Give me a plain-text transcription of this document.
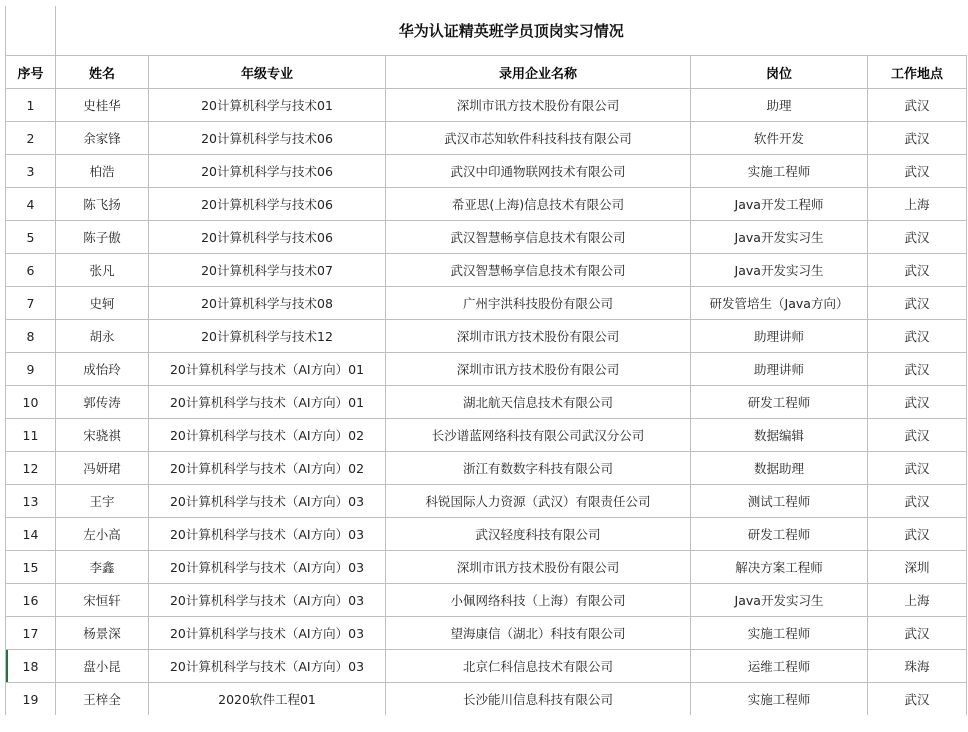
	华为认证精英班学员顶岗实习情况				
序号	姓名	年级专业	录用企业名称	岗位	工作地点
1	史桂华	20计算机科学与技术01	深圳市讯方技术股份有限公司	助理	武汉
2	余家锋	20计算机科学与技术06	武汉市芯知软件科技科技有限公司	软件开发	武汉
3	柏浩	20计算机科学与技术06	武汉中印通物联网技术有限公司	实施工程师	武汉
4	陈飞扬	20计算机科学与技术06	希亚思(上海)信息技术有限公司	Java开发工程师	上海
5	陈子傲	20计算机科学与技术06	武汉智慧畅享信息技术有限公司	Java开发实习生	武汉
6	张凡	20计算机科学与技术07	武汉智慧畅享信息技术有限公司	Java开发实习生	武汉
7	史轲	20计算机科学与技术08	广州宇洪科技股份有限公司	研发管培生（Java方向）	武汉
8	胡永	20计算机科学与技术12	深圳市讯方技术股份有限公司	助理讲师	武汉
9	成怡玲	20计算机科学与技术（AI方向）01	深圳市讯方技术股份有限公司	助理讲师	武汉
10	郭传涛	20计算机科学与技术（AI方向）01	湖北航天信息技术有限公司	研发工程师	武汉
11	宋骁祺	20计算机科学与技术（AI方向）02	长沙谱蓝网络科技有限公司武汉分公司	数据编辑	武汉
12	冯妍珺	20计算机科学与技术（AI方向）02	浙江有数数字科技有限公司	数据助理	武汉
13	王宇	20计算机科学与技术（AI方向）03	科锐国际人力资源（武汉）有限责任公司	测试工程师	武汉
14	左小高	20计算机科学与技术（AI方向）03	武汉轻度科技有限公司	研发工程师	武汉
15	李鑫	20计算机科学与技术（AI方向）03	深圳市讯方技术股份有限公司	解决方案工程师	深圳
16	宋恒轩	20计算机科学与技术（AI方向）03	小佩网络科技（上海）有限公司	Java开发实习生	上海
17	杨景深	20计算机科学与技术（AI方向）03	望海康信（湖北）科技有限公司	实施工程师	武汉
18	盘小昆	20计算机科学与技术（AI方向）03	北京仁科信息技术有限公司	运维工程师	珠海
19	王梓全	2020软件工程01	长沙能川信息科技有限公司	实施工程师	武汉
